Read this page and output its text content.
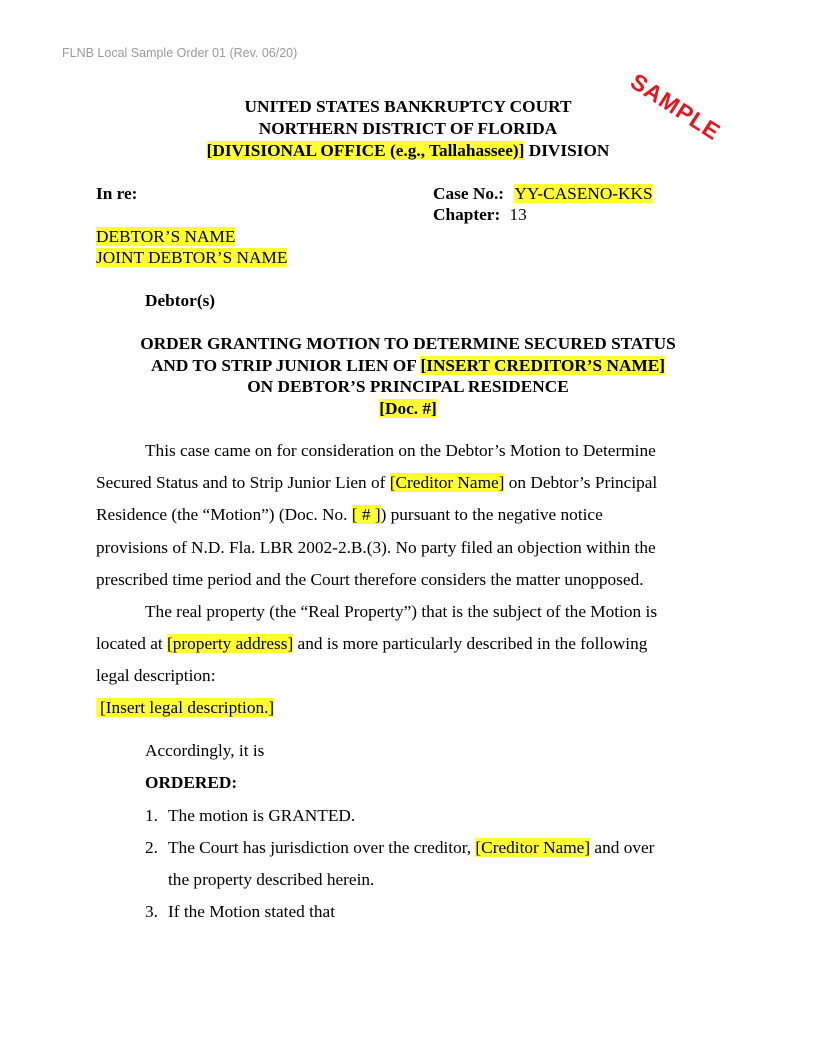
FLNB Local Sample Order 01 (Rev. 06/20)
SAMPLE
UNITED STATES BANKRUPTCY COURT
NORTHERN DISTRICT OF FLORIDA
[DIVISIONAL OFFICE (e.g., Tallahassee)] DIVISION
In re:	Case No.: YY-CASENO-KKS
Chapter: 13
DEBTOR’S NAME
JOINT DEBTOR’S NAME
Debtor(s)
ORDER GRANTING MOTION TO DETERMINE SECURED STATUS
AND TO STRIP JUNIOR LIEN OF [INSERT CREDITOR’S NAME]
ON DEBTOR’S PRINCIPAL RESIDENCE
[Doc. #]
This case came on for consideration on the Debtor’s Motion to Determine
Secured Status and to Strip Junior Lien of [Creditor Name] on Debtor’s Principal
Residence (the “Motion”) (Doc. No. [ # ]) pursuant to the negative notice
provisions of N.D. Fla. LBR 2002-2.B.(3). No party filed an objection within the
prescribed time period and the Court therefore considers the matter unopposed.
The real property (the “Real Property”) that is the subject of the Motion is
located at [property address] and is more particularly described in the following
legal description:
[Insert legal description.]
Accordingly, it is
ORDERED:
1. The motion is GRANTED.
2. The Court has jurisdiction over the creditor, [Creditor Name] and over
the property described herein.
3. If the Motion stated that
